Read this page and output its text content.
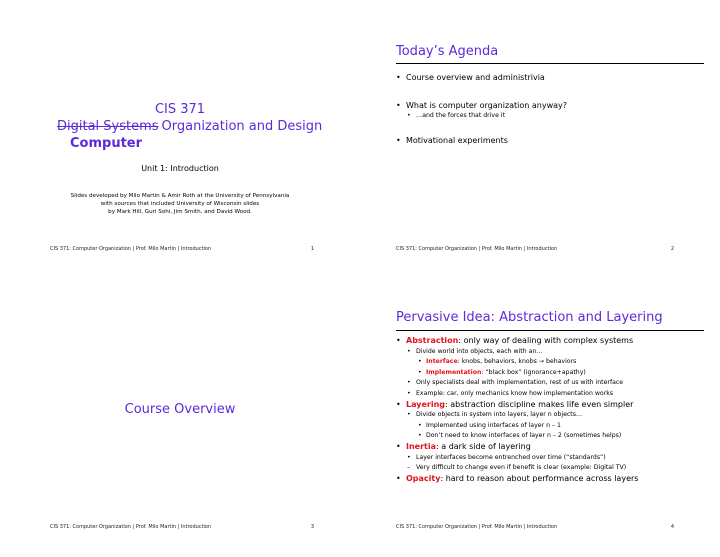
CIS 371
Digital Systems Organization and Design
Computer
Unit 1: Introduction
Slides developed by Milo Martin & Amir Roth at the University of Pennsylvania
with sources that included University of Wisconsin slides
by Mark Hill, Guri Sohi, Jim Smith, and David Wood.
CIS 371: Computer Organization | Prof. Milo Martin | Introduction	1
Today’s Agenda
• Course overview and administrivia
• What is computer organization anyway?
• …and the forces that drive it
• Motivational experiments
CIS 371: Computer Organization | Prof. Milo Martin | Introduction	2
Course Overview
CIS 371: Computer Organization | Prof. Milo Martin | Introduction	3
Pervasive Idea: Abstraction and Layering
• Abstraction: only way of dealing with complex systems
• Divide world into objects, each with an…
• Interface: knobs, behaviors, knobs → behaviors
• Implementation: “black box” (ignorance+apathy)
• Only specialists deal with implementation, rest of us with interface
• Example: car, only mechanics know how implementation works
• Layering: abstraction discipline makes life even simpler
• Divide objects in system into layers, layer n objects…
• Implemented using interfaces of layer n – 1
• Don’t need to know interfaces of layer n – 2 (sometimes helps)
• Inertia: a dark side of layering
• Layer interfaces become entrenched over time (“standards”)
– Very difficult to change even if benefit is clear (example: Digital TV)
• Opacity: hard to reason about performance across layers
CIS 371: Computer Organization | Prof. Milo Martin | Introduction	4
